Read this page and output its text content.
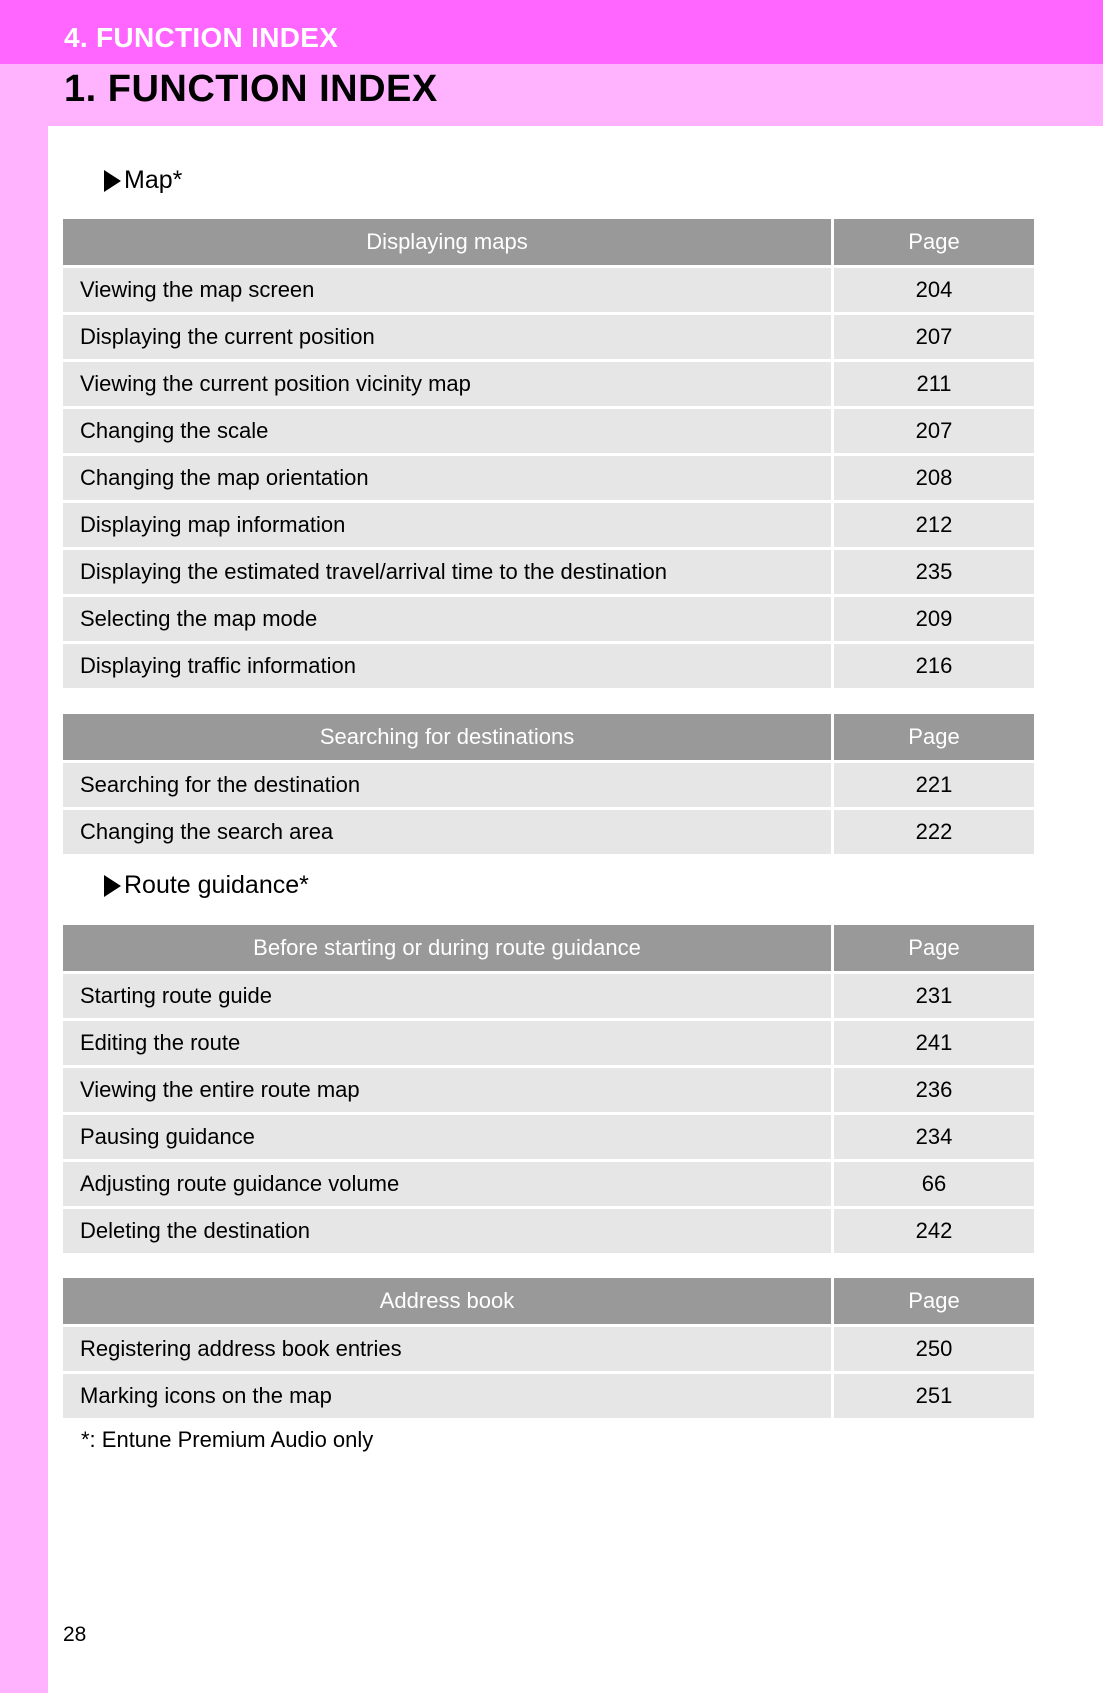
4. FUNCTION INDEX
1. FUNCTION INDEX
Map*
Displaying maps	Page
Viewing the map screen	204
Displaying the current position	207
Viewing the current position vicinity map	211
Changing the scale	207
Changing the map orientation	208
Displaying map information	212
Displaying the estimated travel/arrival time to the destination	235
Selecting the map mode	209
Displaying traffic information	216
Searching for destinations	Page
Searching for the destination	221
Changing the search area	222
Route guidance*
Before starting or during route guidance	Page
Starting route guide	231
Editing the route	241
Viewing the entire route map	236
Pausing guidance	234
Adjusting route guidance volume	66
Deleting the destination	242
Address book	Page
Registering address book entries	250
Marking icons on the map	251
*: Entune Premium Audio only
28
